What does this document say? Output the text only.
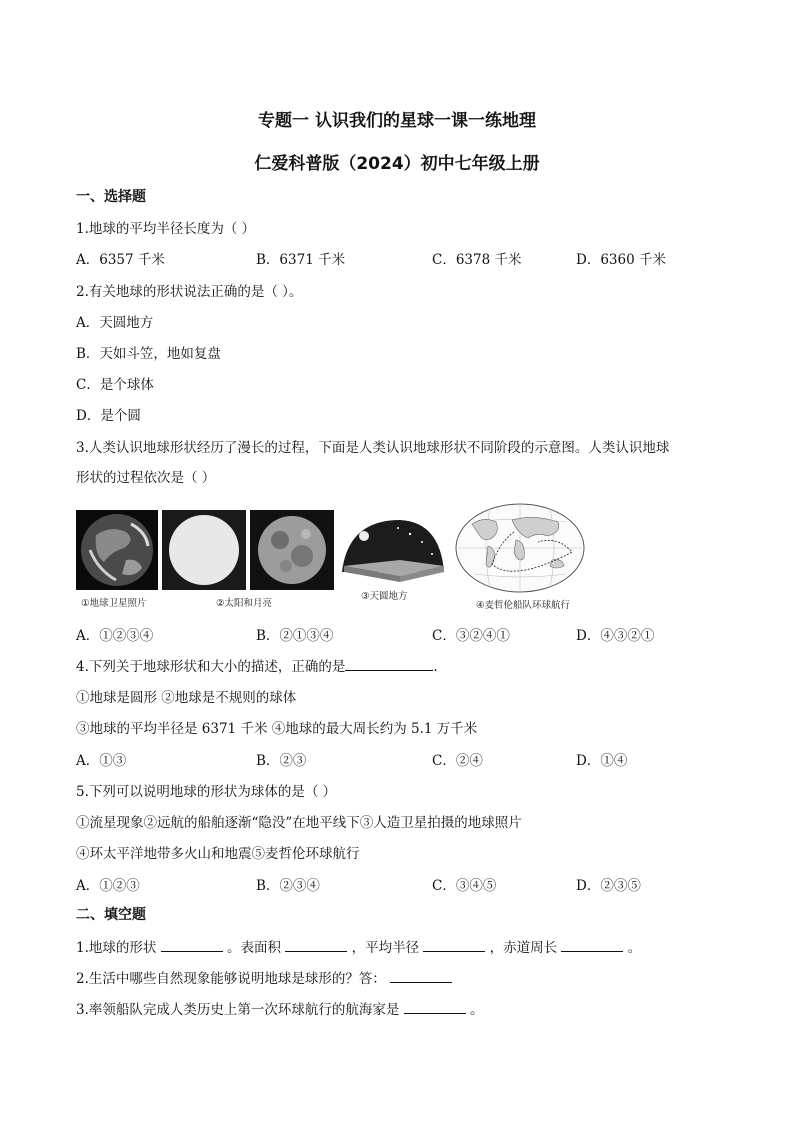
专题一 认识我们的星球一课一练地理
仁爱科普版（2024）初中七年级上册
一、选择题
1.地球的平均半径长度为（ ）
A．6357 千米	B．6371 千米	C．6378 千米	D．6360 千米
2.有关地球的形状说法正确的是（ ）。
A．天圆地方
B．天如斗笠，地如复盘
C．是个球体
D．是个圆
3.人类认识地球形状经历了漫长的过程，下面是人类认识地球形状不同阶段的示意图。人类认识地球
形状的过程依次是（ ）
①地球卫星照片	②太阳和月亮
③天圆地方
④麦哲伦船队环球航行
A．①②③④	B．②①③④	C．③②④①	D．④③②①
4.下列关于地球形状和大小的描述，正确的是	.
①地球是圆形 ②地球是不规则的球体
③地球的平均半径是 6371 千米 ④地球的最大周长约为 5.1 万千米
A．①③	B．②③	C．②④	D．①④
5.下列可以说明地球的形状为球体的是（ ）
①流星现象②远航的船舶逐渐“隐没”在地平线下③人造卫星拍摄的地球照片
④环太平洋地带多火山和地震⑤麦哲伦环球航行
A．①②③	B．②③④	C．③④⑤	D．②③⑤
二、填空题
1.地球的形状	。表面积	，平均半径	，赤道周长	。
2.生活中哪些自然现象能够说明地球是球形的？答：
3.率领船队完成人类历史上第一次环球航行的航海家是	。
